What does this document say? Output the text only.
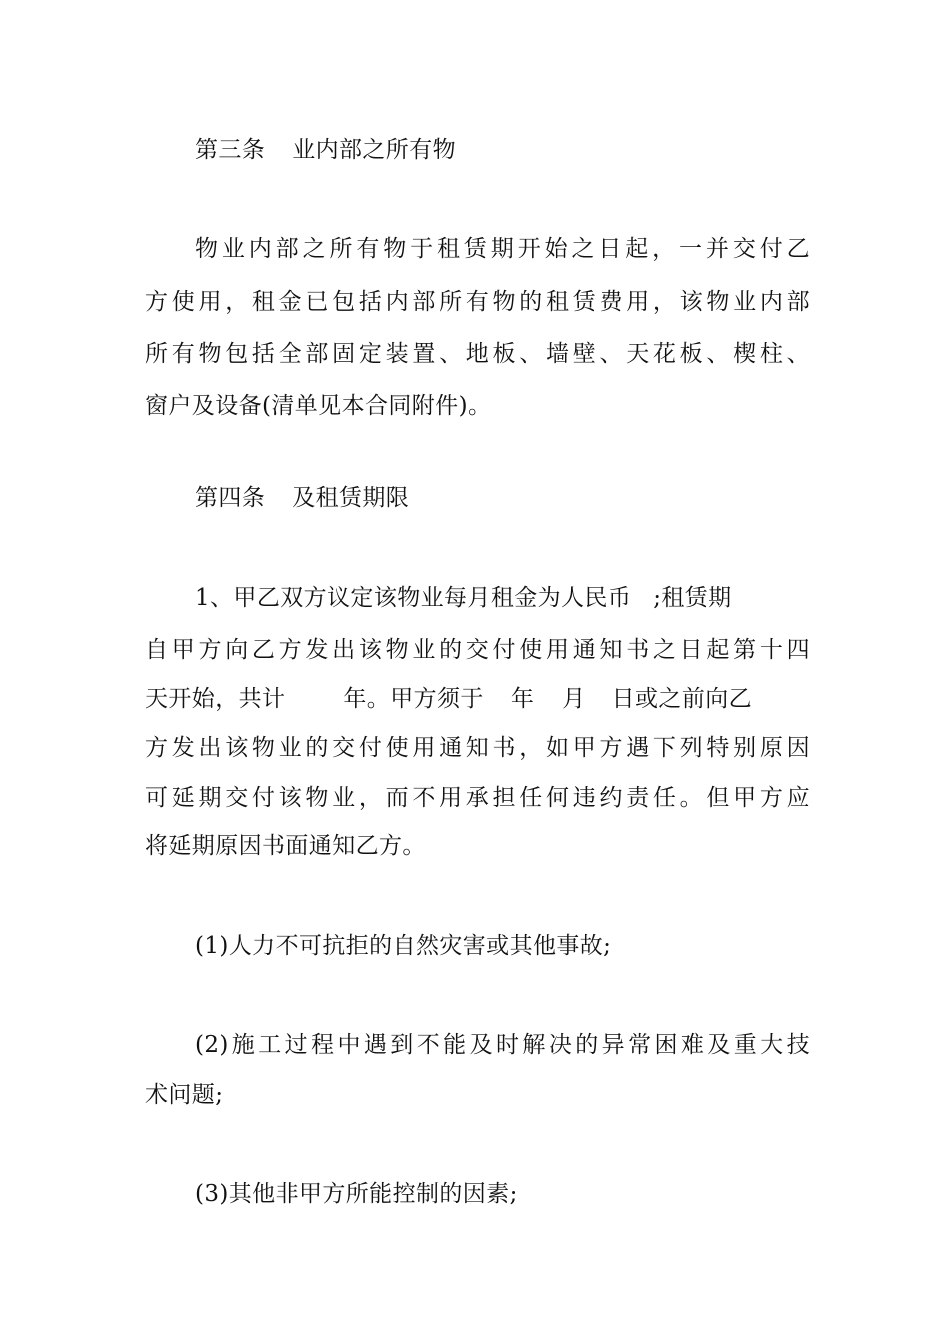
第三条 业内部之所有物
物业内部之所有物于租赁期开始之日起，一并交付乙
方使用，租金已包括内部所有物的租赁费用，该物业内部
所有物包括全部固定装置、地板、墙壁、天花板、楔柱、
窗户及设备(清单见本合同附件)。
第四条 及租赁期限
1、甲乙双方议定该物业每月租金为人民币 ;租赁期
自甲方向乙方发出该物业的交付使用通知书之日起第十四
天开始，共计	年。甲方须于 年 月 日或之前向乙
方发出该物业的交付使用通知书，如甲方遇下列特别原因
可延期交付该物业，而不用承担任何违约责任。但甲方应
将延期原因书面通知乙方。
(1)人力不可抗拒的自然灾害或其他事故;
(2)施工过程中遇到不能及时解决的异常困难及重大技
术问题;
(3)其他非甲方所能控制的因素;
